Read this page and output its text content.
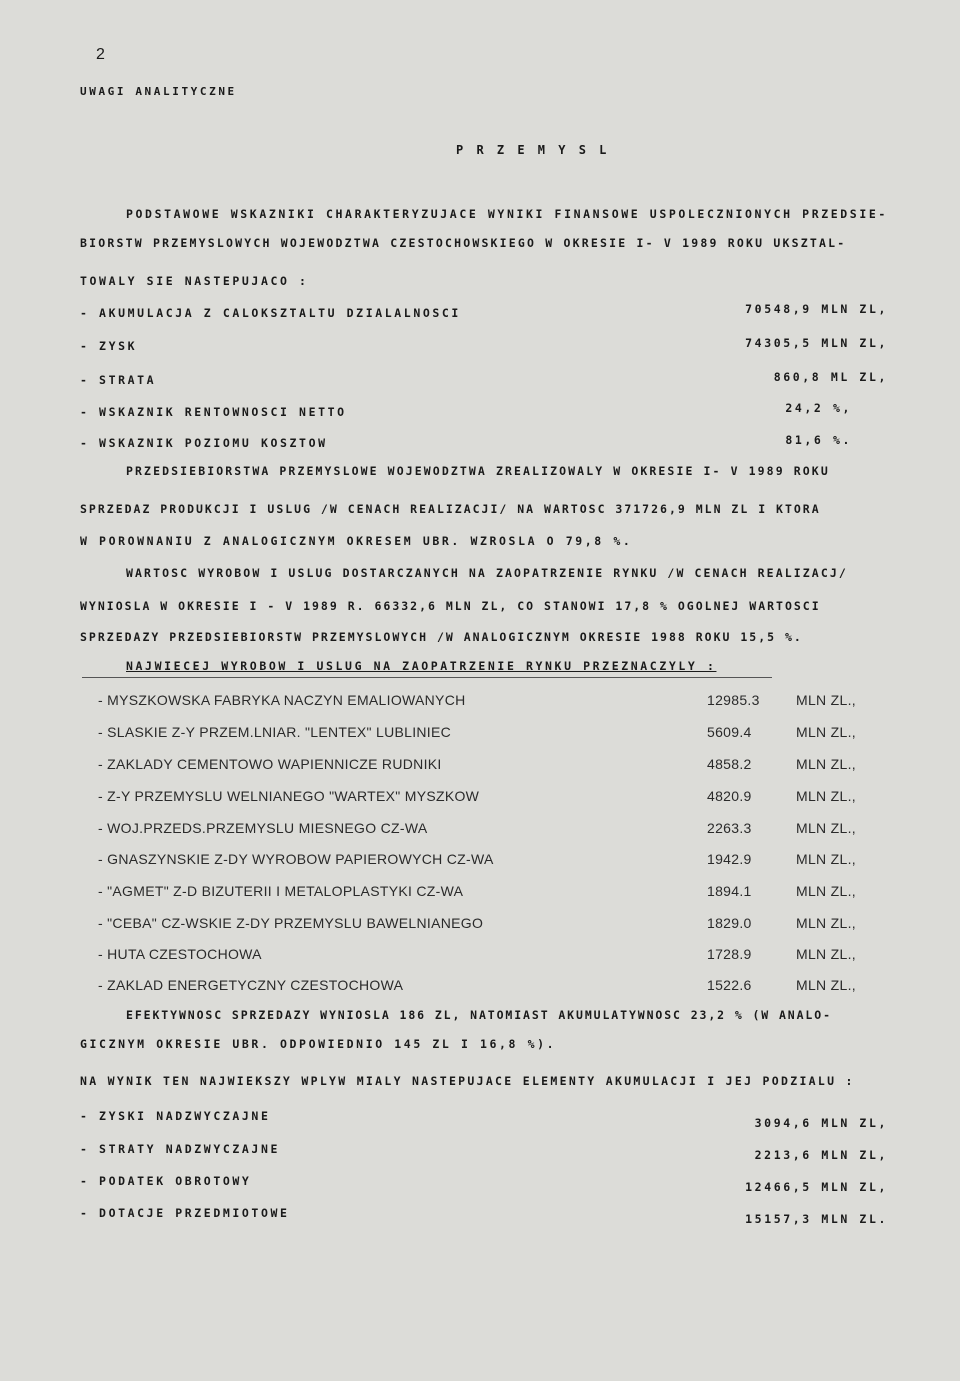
2
UWAGI ANALITYCZNE
P R Z E M Y S L
PODSTAWOWE WSKAZNIKI CHARAKTERYZUJACE WYNIKI FINANSOWE USPOLECZNIONYCH PRZEDSIE-
BIORSTW PRZEMYSLOWYCH WOJEWODZTWA CZESTOCHOWSKIEGO W OKRESIE I- V 1989 ROKU UKSZTAL-
TOWALY SIE NASTEPUJACO :
- AKUMULACJA Z CALOKSZTALTU DZIALALNOSCI	70548,9 MLN ZL,
- ZYSK	74305,5 MLN ZL,
- STRATA	860,8 ML ZL,
- WSKAZNIK RENTOWNOSCI NETTO	24,2 %,
- WSKAZNIK POZIOMU KOSZTOW	81,6 %.
PRZEDSIEBIORSTWA PRZEMYSLOWE WOJEWODZTWA ZREALIZOWALY W OKRESIE I- V 1989 ROKU
SPRZEDAZ PRODUKCJI I USLUG /W CENACH REALIZACJI/ NA WARTOSC 371726,9 MLN ZL I KTORA
W POROWNANIU Z ANALOGICZNYM OKRESEM UBR. WZROSLA O 79,8 %.
WARTOSC WYROBOW I USLUG DOSTARCZANYCH NA ZAOPATRZENIE RYNKU /W CENACH REALIZACJ/
WYNIOSLA W OKRESIE I - V 1989 R. 66332,6 MLN ZL, CO STANOWI 17,8 % OGOLNEJ WARTOSCI
SPRZEDAZY PRZEDSIEBIORSTW PRZEMYSLOWYCH /W ANALOGICZNYM OKRESIE 1988 ROKU 15,5 %.
NAJWIECEJ WYROBOW I USLUG NA ZAOPATRZENIE RYNKU PRZEZNACZYLY :
- MYSZKOWSKA FABRYKA NACZYN EMALIOWANYCH	12985.3	MLN ZL.,
- SLASKIE Z-Y PRZEM.LNIAR. "LENTEX" LUBLINIEC	5609.4	MLN ZL.,
- ZAKLADY CEMENTOWO WAPIENNICZE RUDNIKI	4858.2	MLN ZL.,
- Z-Y PRZEMYSLU WELNIANEGO "WARTEX" MYSZKOW	4820.9	MLN ZL.,
- WOJ.PRZEDS.PRZEMYSLU MIESNEGO CZ-WA	2263.3	MLN ZL.,
- GNASZYNSKIE Z-DY WYROBOW PAPIEROWYCH CZ-WA	1942.9	MLN ZL.,
- "AGMET" Z-D BIZUTERII I METALOPLASTYKI CZ-WA	1894.1	MLN ZL.,
- "CEBA" CZ-WSKIE Z-DY PRZEMYSLU BAWELNIANEGO	1829.0	MLN ZL.,
- HUTA CZESTOCHOWA	1728.9	MLN ZL.,
- ZAKLAD ENERGETYCZNY CZESTOCHOWA	1522.6	MLN ZL.,
EFEKTYWNOSC SPRZEDAZY WYNIOSLA 186 ZL, NATOMIAST AKUMULATYWNOSC 23,2 % (W ANALO-
GICZNYM OKRESIE UBR. ODPOWIEDNIO 145 ZL I 16,8 %).
NA WYNIK TEN NAJWIEKSZY WPLYW MIALY NASTEPUJACE ELEMENTY AKUMULACJI I JEJ PODZIALU :
- ZYSKI NADZWYCZAJNE	3094,6 MLN ZL,
- STRATY NADZWYCZAJNE	2213,6 MLN ZL,
- PODATEK OBROTOWY	12466,5 MLN ZL,
- DOTACJE PRZEDMIOTOWE	15157,3 MLN ZL.
